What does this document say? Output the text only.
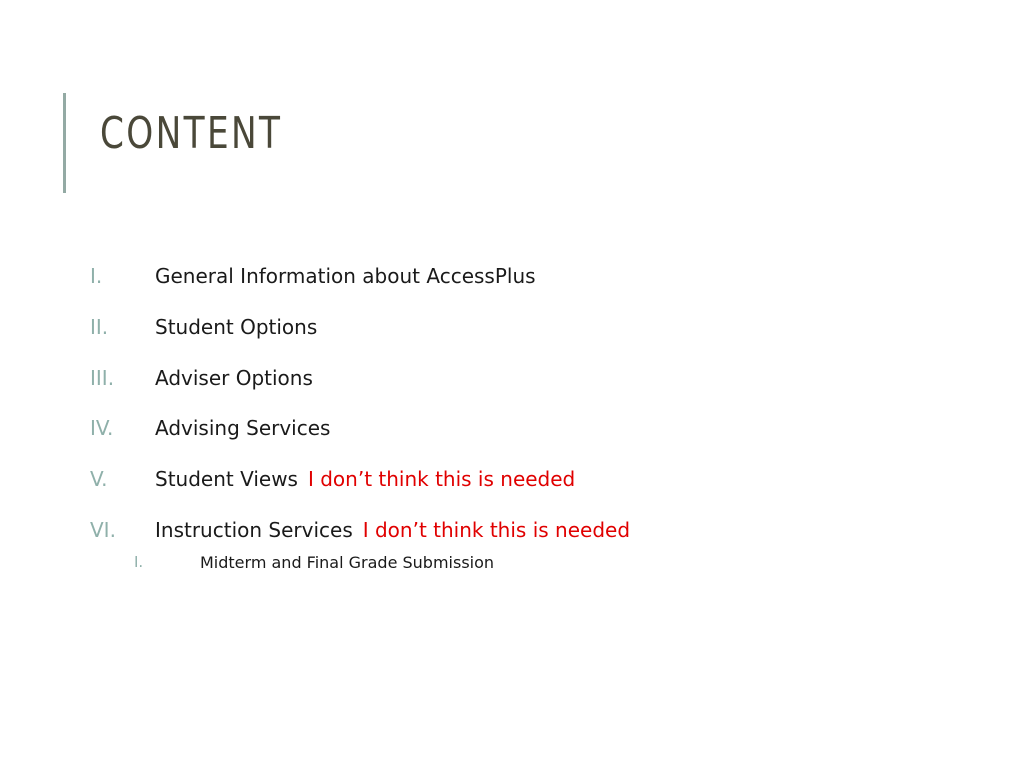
CONTENT
I.	General Information about AccessPlus
II. Student Options
III. Adviser Options
IV. Advising Services
V. Student Views I don’t think this is needed
VI. Instruction Services I don’t think this is needed
I.	Midterm and Final Grade Submission
